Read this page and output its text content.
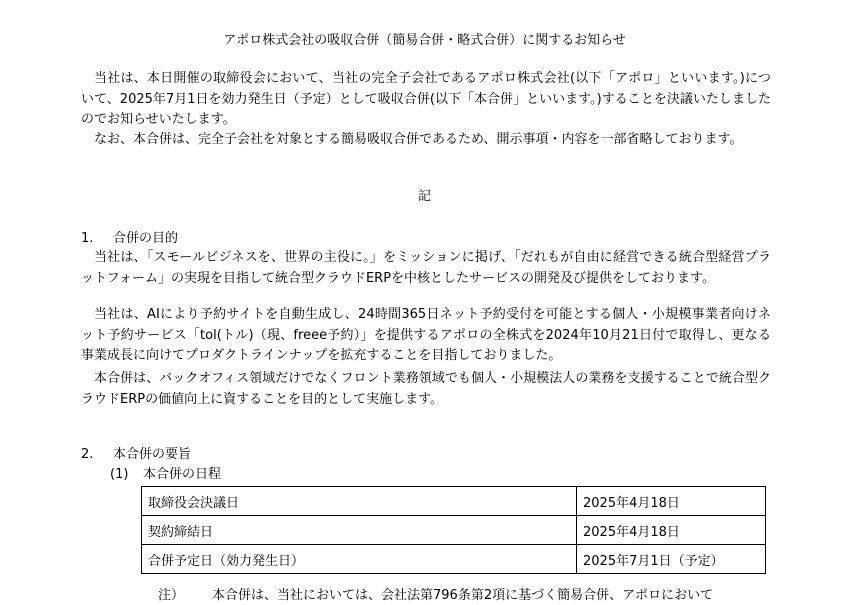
アポロ株式会社の吸収合併（簡易合併・略式合併）に関するお知らせ
当社は、本日開催の取締役会において、当社の完全子会社であるアポロ株式会社(以下「アポロ」といいます。)について、2025年7月1日を効力発生日（予定）として吸収合併(以下「本合併」といいます。)することを決議いたしましたのでお知らせいたします。
なお、本合併は、完全子会社を対象とする簡易吸収合併であるため、開示事項・内容を一部省略しております。
記
1. 合併の目的
当社は、「スモールビジネスを、世界の主役に。」をミッションに掲げ、「だれもが自由に経営できる統合型経営プラットフォーム」の実現を目指して統合型クラウドERPを中核としたサービスの開発及び提供をしております。
当社は、AIにより予約サイトを自動生成し、24時間365日ネット予約受付を可能とする個人・小規模事業者向けネット予約サービス「tol(トル)（現、freee予約）」を提供するアポロの全株式を2024年10月21日付で取得し、更なる事業成長に向けてプロダクトラインナップを拡充することを目指しておりました。
本合併は、バックオフィス領域だけでなくフロント業務領域でも個人・小規模法人の業務を支援することで統合型クラウドERPの価値向上に資することを目的として実施します。
2. 本合併の要旨
(1) 本合併の日程
取締役会決議日	2025年4月18日
契約締結日	2025年4月18日
合併予定日（効力発生日）	2025年7月1日（予定）
注） 本合併は、当社においては、会社法第796条第2項に基づく簡易合併、アポロにおいて
